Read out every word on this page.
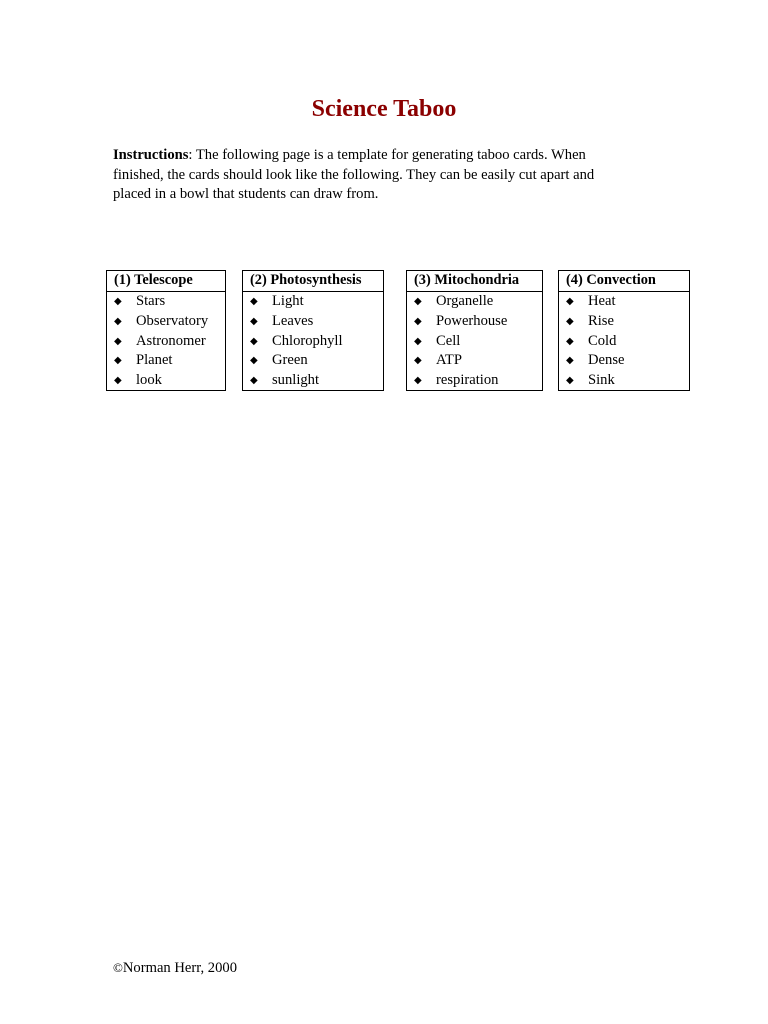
Science Taboo
Instructions: The following page is a template for generating taboo cards. When finished, the cards should look like the following. They can be easily cut apart and placed in a bowl that students can draw from.
(1) Telescope
◆ Stars
◆ Observatory
◆ Astronomer
◆ Planet
◆ look
(2) Photosynthesis
◆ Light
◆ Leaves
◆ Chlorophyll
◆ Green
◆ sunlight
(3) Mitochondria
◆ Organelle
◆ Powerhouse
◆ Cell
◆ ATP
◆ respiration
(4) Convection
◆ Heat
◆ Rise
◆ Cold
◆ Dense
◆ Sink
©Norman Herr, 2000
